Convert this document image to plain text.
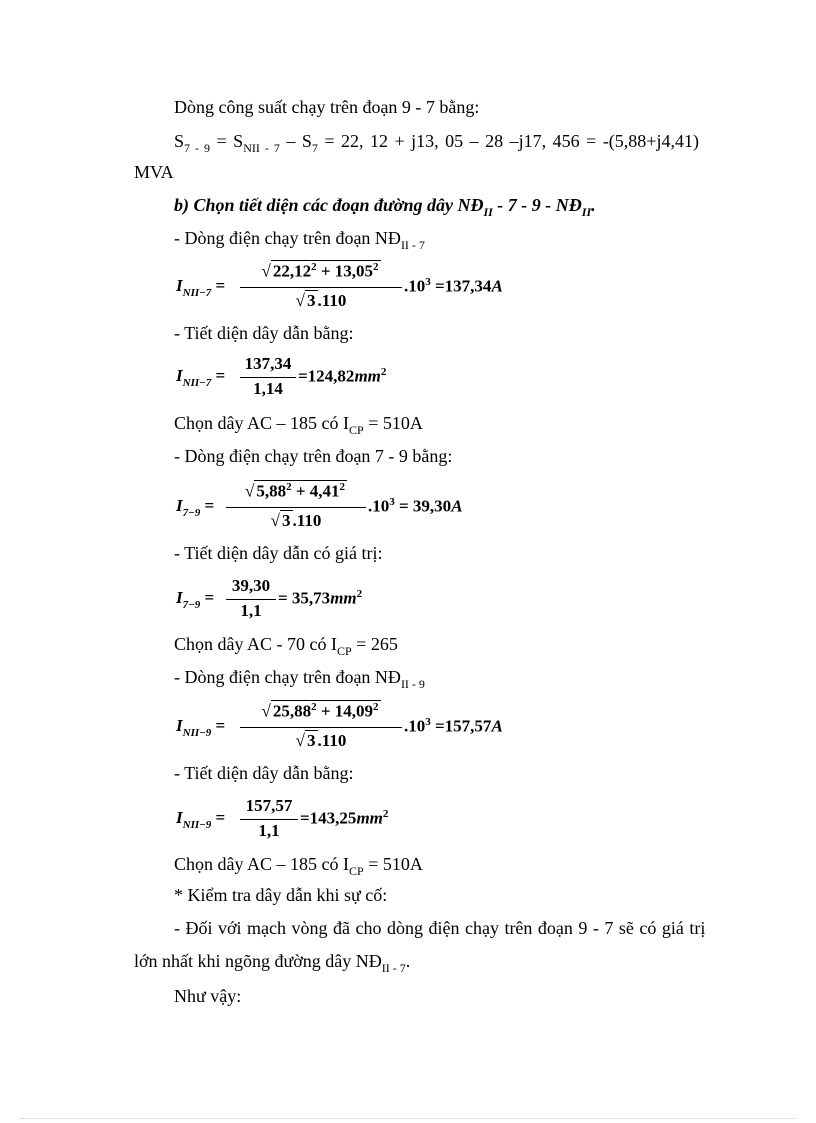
Dòng công suất chạy trên đoạn 9 - 7 bằng:
$S_{7 - 9} = S_{NII - 7} - S_7 = 22$, 12 + j13, 05 – 28 –j17, 456 = -(5,88+j4,41)
MVA
b) Chọn tiết diện các đoạn đường dây $NĐ_{II} - 7 - 9$ - $NĐ_{II}$.
- Dòng điện chạy trên đoạn $NĐ_{II - 7}$
$I_{NII-7}$ =
√ $22,12^2 + 13,05^2$
√ 3 .110
$.10^3 =137,34A$
- Tiết diện dây dẫn bằng:
$I_{NII-7}$ =
137,34
1,14
$=124,82mm^2$
Chọn dây AC – 185 có $I_{CP} = 510A$
- Dòng điện chạy trên đoạn 7 - 9 bằng:
$I_{7-9}$ =
√ $5,88^2 + 4,41^2$
√ 3 .110
$.10^3 = 39,30A$
- Tiết diện dây dẫn có giá trị:
$I_{7-9}$ =
39,30
1,1
= $35,73mm^2$
Chọn dây AC - 70 có $I_{CP} = 265$
- Dòng điện chạy trên đoạn $NĐ_{II - 9}$
$I_{NII-9}$ =
√ $25,88^2 + 14,09^2$
√ 3 .110
$.10^3 =157,57A$
- Tiết diện dây dẫn bằng:
$I_{NII-9}$ =
157,57
1,1
$=143,25mm^2$
Chọn dây AC – 185 có $I_{CP} = 510A$
* Kiểm tra dây dẫn khi sự cố:
- Đối với mạch vòng đã cho dòng điện chạy trên đoạn 9 - 7 sẽ có giá trị
lớn nhất khi ngõng đường dây $NĐ_{II - 7}$.
Như vậy:
